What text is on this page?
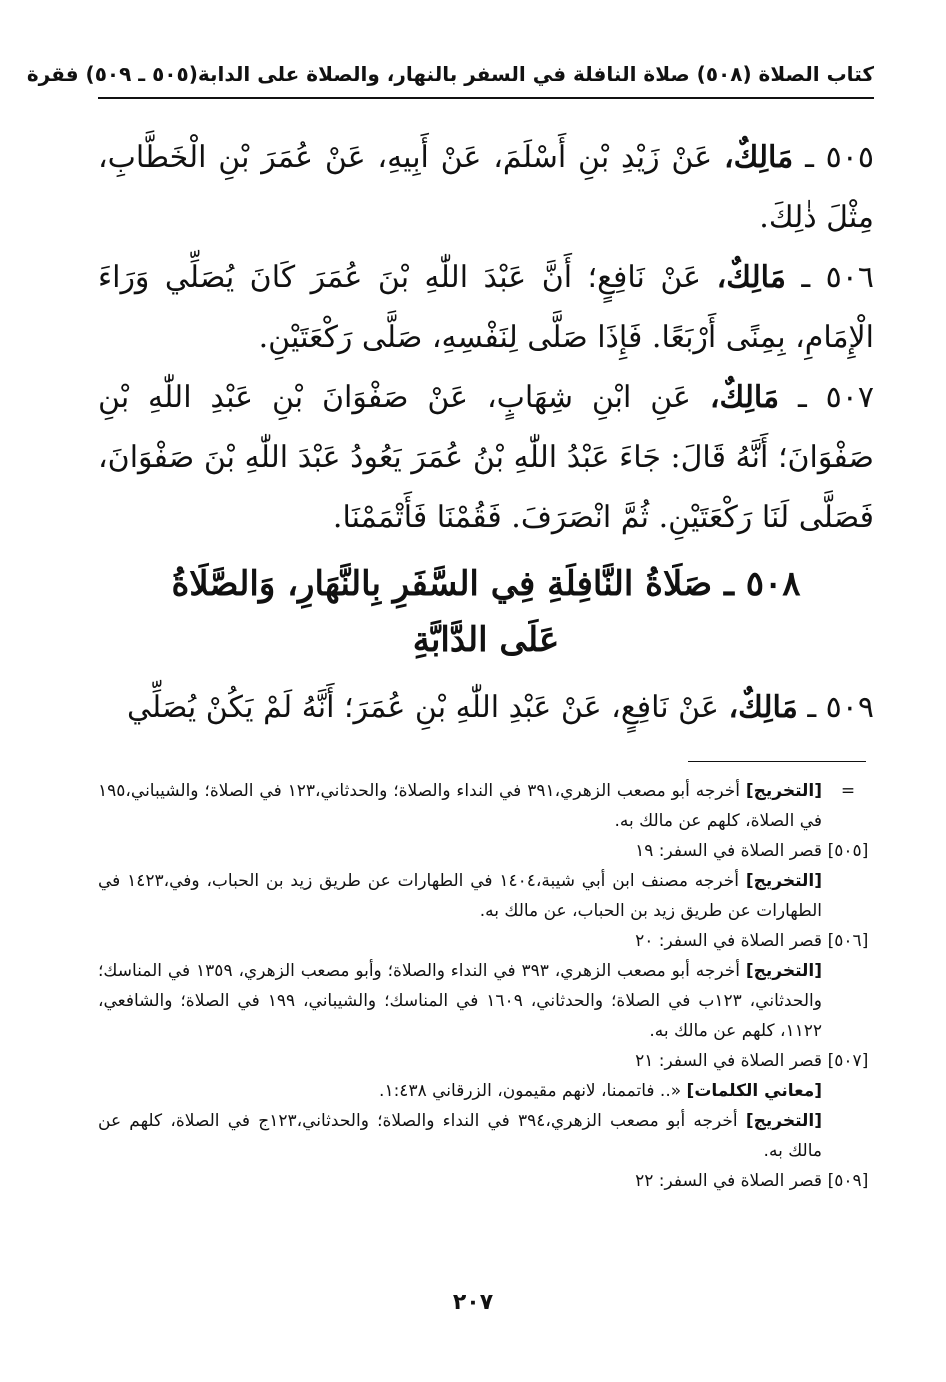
كتاب الصلاة (٥٠٨) صلاة النافلة في السفر بالنهار، والصلاة على الدابة
(٥٠٥ ـ ٥٠٩) فقرة
٥٠٥ ـ مَالِكٌ، عَنْ زَيْدِ بْنِ أَسْلَمَ، عَنْ أَبِيهِ، عَنْ عُمَرَ بْنِ الْخَطَّابِ، مِثْلَ ذٰلِكَ.
٥٠٦ ـ مَالِكٌ، عَنْ نَافِعٍ؛ أَنَّ عَبْدَ اللّٰهِ بْنَ عُمَرَ كَانَ يُصَلِّي وَرَاءَ الْإِمَامِ، بِمِنًى أَرْبَعًا. فَإِذَا صَلَّى لِنَفْسِهِ، صَلَّى رَكْعَتَيْنِ.
٥٠٧ ـ مَالِكٌ، عَنِ ابْنِ شِهَابٍ، عَنْ صَفْوَانَ بْنِ عَبْدِ اللّٰهِ بْنِ صَفْوَانَ؛ أَنَّهُ قَالَ: جَاءَ عَبْدُ اللّٰهِ بْنُ عُمَرَ يَعُودُ عَبْدَ اللّٰهِ بْنَ صَفْوَانَ، فَصَلَّى لَنَا رَكْعَتَيْنِ. ثُمَّ انْصَرَفَ. فَقُمْنَا فَأَتْمَمْنَا.
٥٠٨ ـ صَلَاةُ النَّافِلَةِ فِي السَّفَرِ بِالنَّهَارِ، وَالصَّلَاةُ
عَلَى الدَّابَّةِ
٥٠٩ ـ مَالِكٌ، عَنْ نَافِعٍ، عَنْ عَبْدِ اللّٰهِ بْنِ عُمَرَ؛ أَنَّهُ لَمْ يَكُنْ يُصَلِّي
=
[التخريج] أخرجه أبو مصعب الزهري،٣٩١ في النداء والصلاة؛ والحدثاني،١٢٣ في الصلاة؛ والشيباني،١٩٥ في الصلاة، كلهم عن مالك به.
[٥٠٥]
قصر الصلاة في السفر: ١٩
[التخريج] أخرجه مصنف ابن أبي شيبة،١٤٠٤ في الطهارات عن طريق زيد بن الحباب، وفي،١٤٢٣ في الطهارات عن طريق زيد بن الحباب، عن مالك به.
[٥٠٦]
قصر الصلاة في السفر: ٢٠
[التخريج] أخرجه أبو مصعب الزهري، ٣٩٣ في النداء والصلاة؛ وأبو مصعب الزهري، ١٣٥٩ في المناسك؛ والحدثاني، ١٢٣ب في الصلاة؛ والحدثاني، ١٦٠٩ في المناسك؛ والشيباني، ١٩٩ في الصلاة؛ والشافعي، ١١٢٢، كلهم عن مالك به.
[٥٠٧]
قصر الصلاة في السفر: ٢١
[معاني الكلمات] «.. فاتممنا، لانهم مقيمون، الزرقاني ١:٤٣٨.
[التخريج] أخرجه أبو مصعب الزهري،٣٩٤ في النداء والصلاة؛ والحدثاني،١٢٣ج في الصلاة، كلهم عن مالك به.
[٥٠٩]
قصر الصلاة في السفر: ٢٢
٢٠٧
